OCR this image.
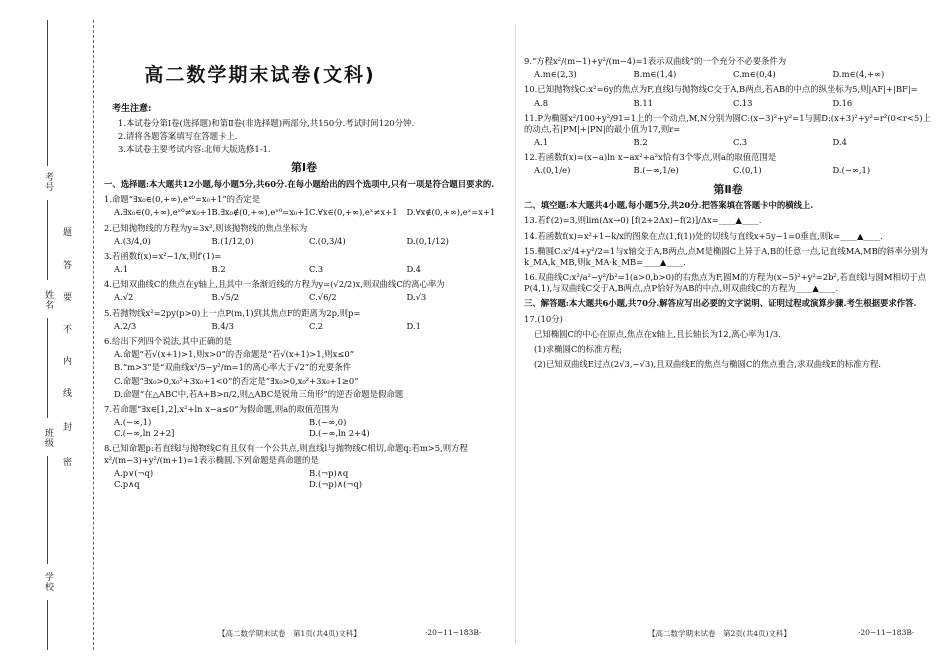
考号
姓名
班级
学校
题
答
要
不
内
线
封
密
高二数学期末试卷(文科)
考生注意:

1.本试卷分第Ⅰ卷(选择题)和第Ⅱ卷(非选择题)两部分,共150分.考试时间120分钟.

2.请将各题答案填写在答题卡上.

3.本试卷主要考试内容:北师大版选修1-1.

第Ⅰ卷

一、选择题:本大题共12小题,每小题5分,共60分.在每小题给出的四个选项中,只有一项是符合题目要求的.

1.命题“∃x₀∈(0,+∞),eˣ⁰=x₀+1”的否定是

A.∃x₀∈(0,+∞),eˣ⁰≠x₀+1 B.∃x₀∉(0,+∞),eˣ⁰=x₀+1 C.∀x∈(0,+∞),eˣ≠x+1	D.∀x∉(0,+∞),eˣ=x+1

2.已知抛物线的方程为y=3x²,则该抛物线的焦点坐标为

A.(3/4,0)	B.(1/12,0)	C.(0,3/4)	D.(0,1/12)

3.若函数f(x)=x²−1/x,则f′(1)=

A.1	B.2	C.3	D.4

4.已知双曲线C的焦点在y轴上,且其中一条渐近线的方程为y=(√2/2)x,则双曲线C的离心率为

A.√2	B.√5/2	C.√6/2	D.√3

5.若抛物线x²=2py(p>0)上一点P(m,1)到其焦点F的距离为2p,则p=

A.2/3	B.4/3	C.2	D.1

6.给出下列四个说法,其中正确的是

A.命题“若√(x+1)>1,则x>0”的否命题是“若√(x+1)>1,则x≤0”

B.“m>3”是“双曲线x²/5−y²/m=1的离心率大于√2”的充要条件

C.命题“∃x₀>0,x₀²+3x₀+1<0”的否定是“∃x₀>0,x₀²+3x₀+1≥0”

D.命题“在△ABC中,若A+B>π/2,则△ABC是锐角三角形”的逆否命题是假命题

7.若命题“∃x∈[1,2],x²+ln x−a≤0”为假命题,则a的取值范围为

A.(−∞,1)	B.(−∞,0)
C.(−∞,ln 2+2]	D.(−∞,ln 2+4)

8.已知命题p:若直线l与抛物线C有且仅有一个公共点,则直线l与抛物线C相切,命题q:若m>5,则方程x²/(m−3)+y²/(m+1)=1表示椭圆.下列命题是真命题的是

A.p∨(¬q)	B.(¬p)∧q
C.p∧q	D.(¬p)∧(¬q)

9.“方程x²/(m−1)+y²/(m−4)=1表示双曲线”的一个充分不必要条件为

A.m∈(2,3)	B.m∈(1,4)	C.m∈(0,4)	D.m∈(4,+∞)

10.已知抛物线C:x²=6y的焦点为F,直线l与抛物线C交于A,B两点,若AB的中点的纵坐标为5,则|AF|+|BF|=

A.8	B.11	C.13	D.16

11.P为椭圆x²/100+y²/91=1上的一个动点,M,N分别为圆C:(x−3)²+y²=1与圆D:(x+3)²+y²=r²(0<r<5)上的动点,若|PM|+|PN|的最小值为17,则r=

A.1	B.2	C.3	D.4

12.若函数f(x)=(x−a)ln x−ax²+a²x恰有3个零点,则a的取值范围是

A.(0,1/e)	B.(−∞,1/e)	C.(0,1)	D.(−∞,1)
第Ⅱ卷

二、填空题:本大题共4小题,每小题5分,共20分.把答案填在答题卡中的横线上.

13.若f′(2)=3,则lim(Δx→0) [f(2+2Δx)−f(2)]/Δx=____▲____.

14.若函数f(x)=x²+1−k/x的图象在点(1,f(1))处的切线与直线x+5y−1=0垂直,则k=____▲____.

15.椭圆C:x²/4+y²/2=1与x轴交于A,B两点,点M是椭圆C上异于A,B的任意一点,记直线MA,MB的斜率分别为k_MA,k_MB,则k_MA·k_MB=____▲____.

16.双曲线C:x²/a²−y²/b²=1(a>0,b>0)的右焦点为F,圆M的方程为(x−5)²+y²=2b²,若直线l与圆M相切于点P(4,1),与双曲线C交于A,B两点,点P恰好为AB的中点,则双曲线C的方程为____▲____.

三、解答题:本大题共6小题,共70分.解答应写出必要的文字说明、证明过程或演算步骤.考生根据要求作答.

17.(10分)

已知椭圆C的中心在原点,焦点在x轴上,且长轴长为12,离心率为1/3.

(1)求椭圆C的标准方程;

(2)已知双曲线E过点(2√3,−√3),且双曲线E的焦点与椭圆C的焦点重合,求双曲线E的标准方程.

【高二数学期末试卷　第1页(共4页)文科】	·20−11−183B·	【高二数学期末试卷　第2页(共4页)文科】	·20−11−183B·
